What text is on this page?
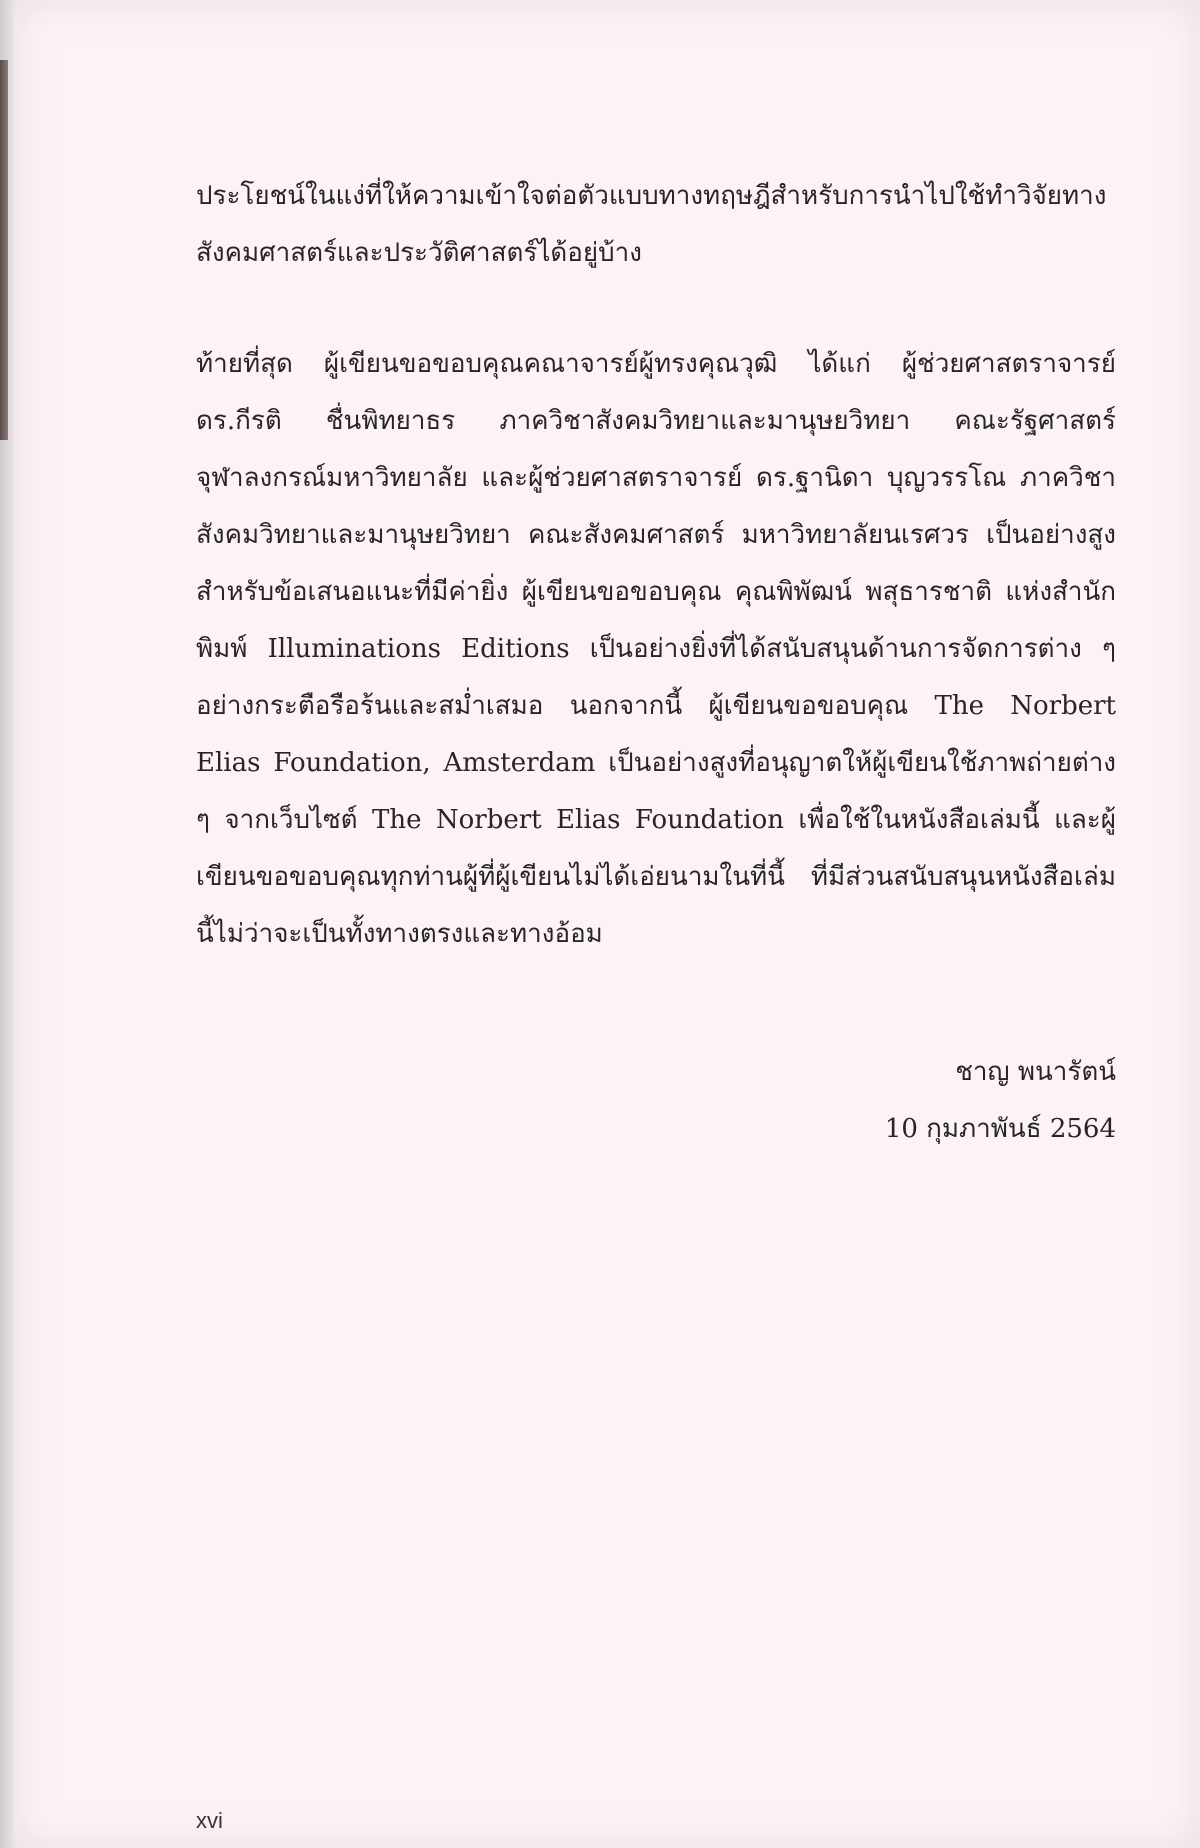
ประโยชน์ในแง่ที่ให้ความเข้าใจต่อตัวแบบทางทฤษฎีสำหรับการนำไปใช้ทำวิจัยทางสังคมศาสตร์และประวัติศาสตร์ได้อยู่บ้าง

ท้ายที่สุด ผู้เขียนขอขอบคุณคณาจารย์ผู้ทรงคุณวุฒิ ได้แก่ ผู้ช่วยศาสตราจารย์ ดร.กีรติ ชื่นพิทยาธร ภาควิชาสังคมวิทยาและมานุษยวิทยา คณะรัฐศาสตร์ จุฬาลงกรณ์มหาวิทยาลัย และผู้ช่วยศาสตราจารย์ ดร.ฐานิดา บุญวรรโณ ภาควิชาสังคมวิทยาและมานุษยวิทยา คณะสังคมศาสตร์ มหาวิทยาลัยนเรศวร เป็นอย่างสูงสำหรับข้อเสนอแนะที่มีค่ายิ่ง ผู้เขียนขอขอบคุณ คุณพิพัฒน์ พสุธารชาติ แห่งสำนักพิมพ์ Illuminations Editions เป็นอย่างยิ่งที่ได้สนับสนุนด้านการจัดการต่าง ๆ อย่างกระตือรือร้นและสม่ำเสมอ นอกจากนี้ ผู้เขียนขอขอบคุณ The Norbert Elias Foundation, Amsterdam เป็นอย่างสูงที่อนุญาตให้ผู้เขียนใช้ภาพถ่ายต่าง ๆ จากเว็บไซต์ The Norbert Elias Foundation เพื่อใช้ในหนังสือเล่มนี้ และผู้เขียนขอขอบคุณทุกท่านผู้ที่ผู้เขียนไม่ได้เอ่ยนามในที่นี้ ที่มีส่วนสนับสนุนหนังสือเล่มนี้ไม่ว่าจะเป็นทั้งทางตรงและทางอ้อม

ชาญ พนารัตน์
10 กุมภาพันธ์ 2564
xvi
